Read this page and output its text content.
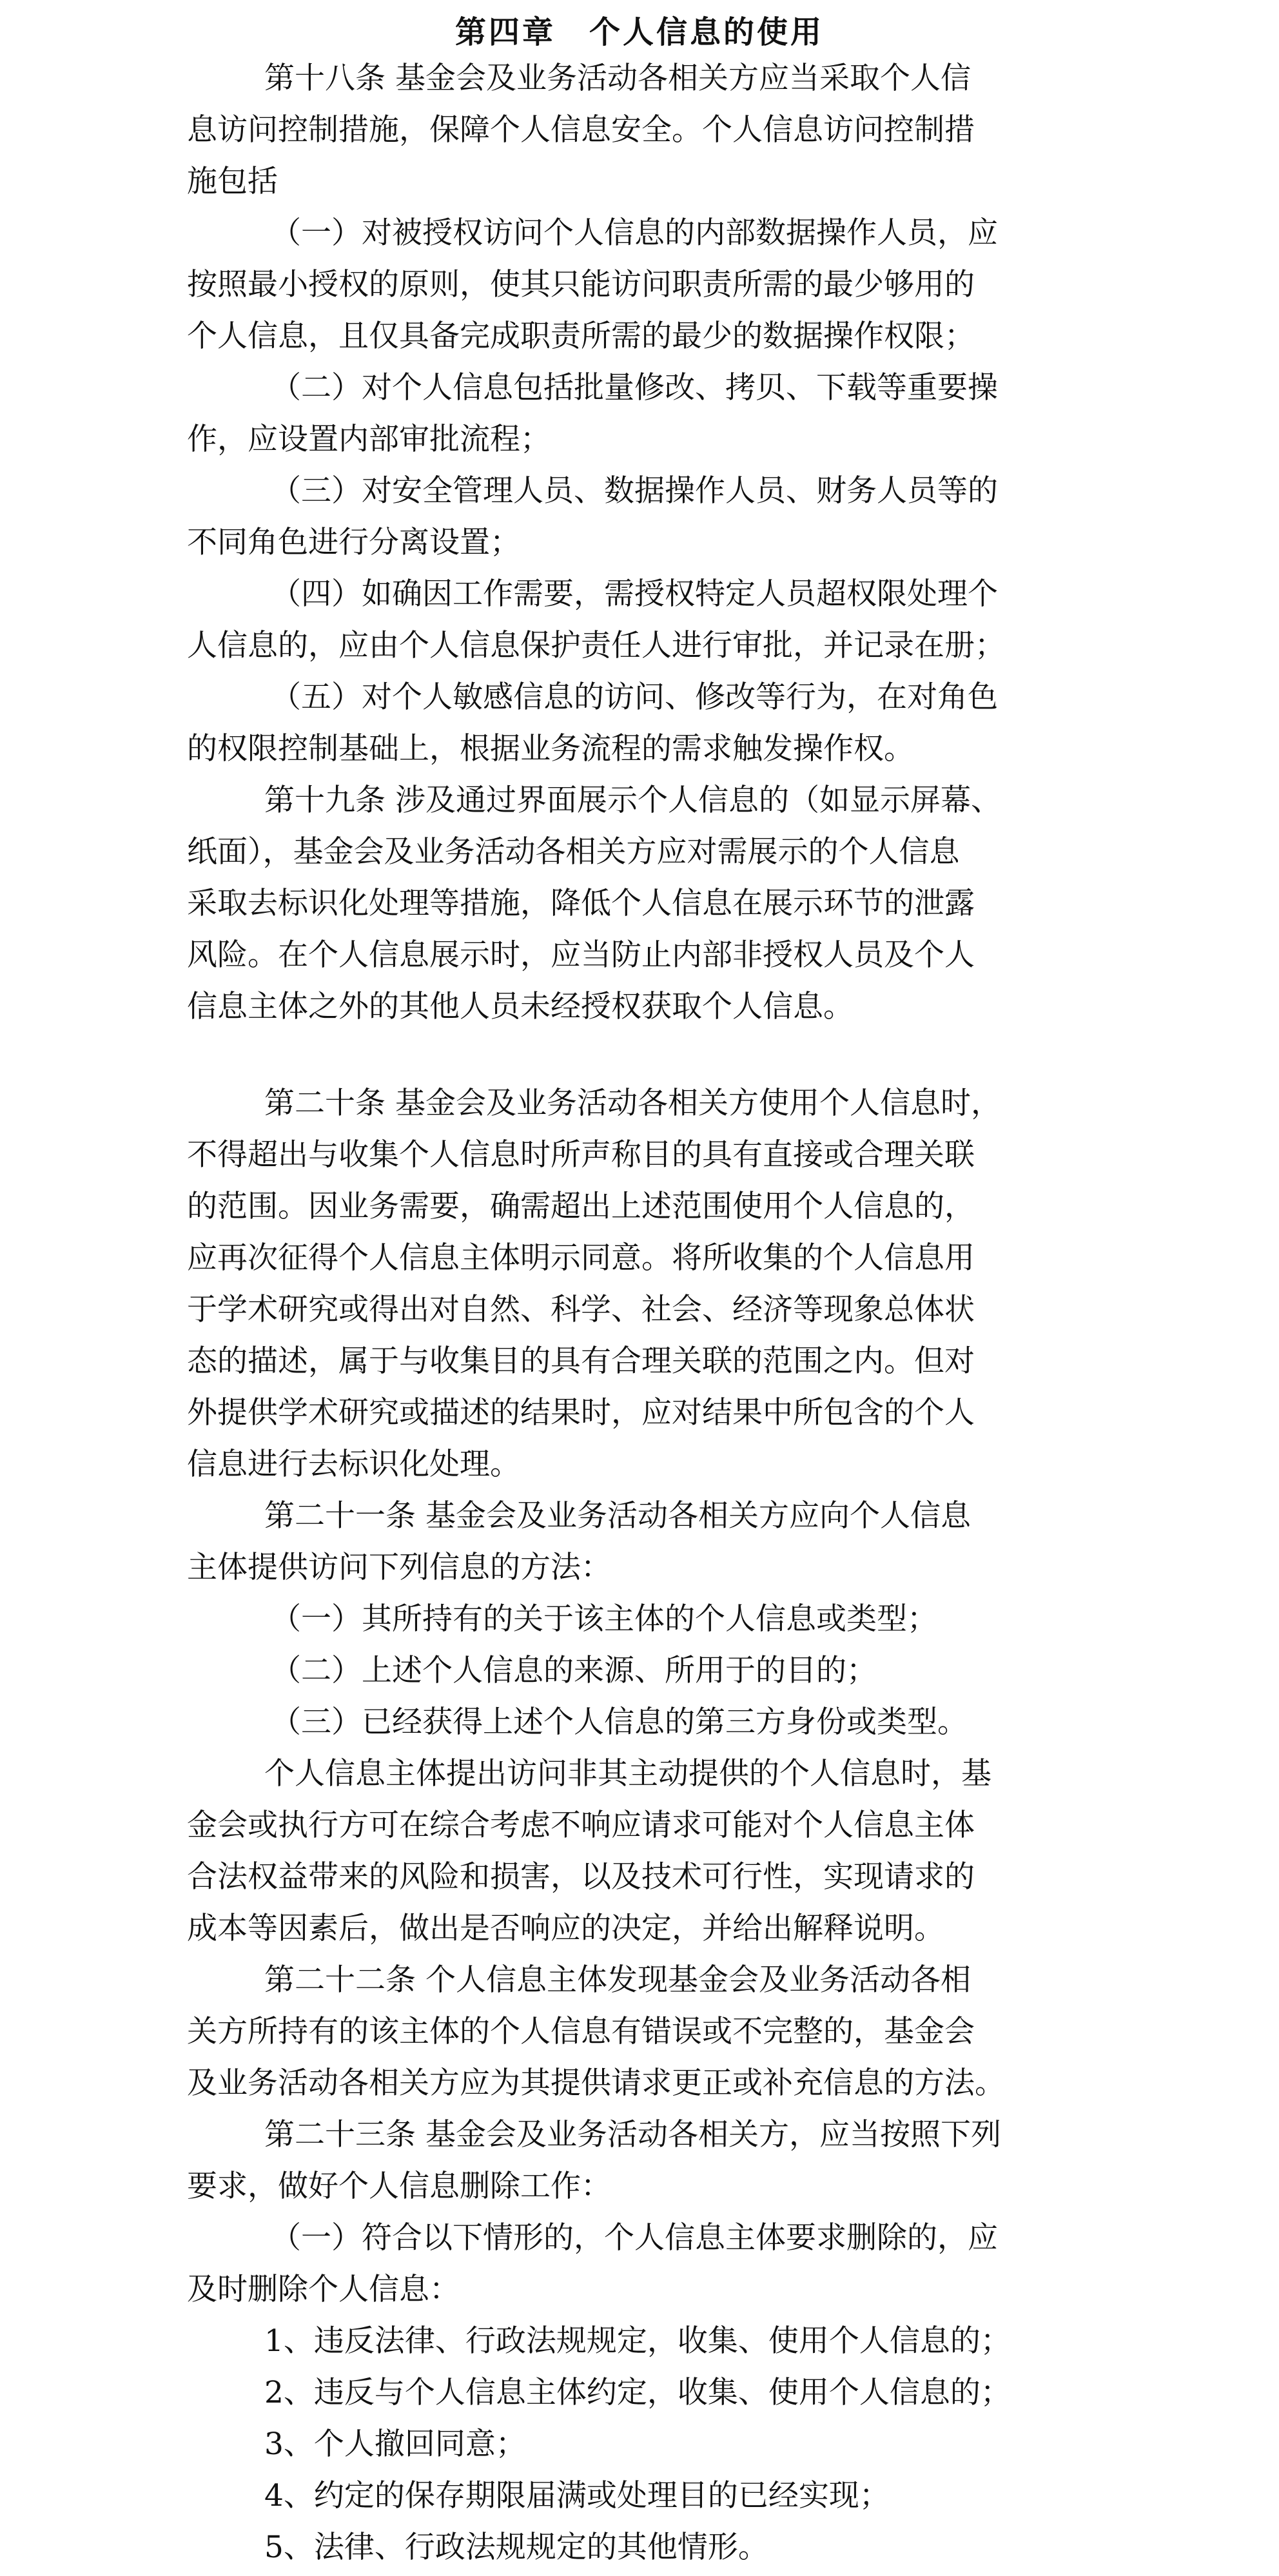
第四章　个人信息的使用
第十八条 基金会及业务活动各相关方应当采取个人信
息访问控制措施，保障个人信息安全。个人信息访问控制措
施包括
（一）对被授权访问个人信息的内部数据操作人员，应
按照最小授权的原则，使其只能访问职责所需的最少够用的
个人信息，且仅具备完成职责所需的最少的数据操作权限；
（二）对个人信息包括批量修改、拷贝、下载等重要操
作，应设置内部审批流程；
（三）对安全管理人员、数据操作人员、财务人员等的
不同角色进行分离设置；
（四）如确因工作需要，需授权特定人员超权限处理个
人信息的，应由个人信息保护责任人进行审批，并记录在册；
（五）对个人敏感信息的访问、修改等行为，在对角色
的权限控制基础上，根据业务流程的需求触发操作权。
第十九条 涉及通过界面展示个人信息的（如显示屏幕、
纸面），基金会及业务活动各相关方应对需展示的个人信息
采取去标识化处理等措施，降低个人信息在展示环节的泄露
风险。在个人信息展示时，应当防止内部非授权人员及个人
信息主体之外的其他人员未经授权获取个人信息。
第二十条 基金会及业务活动各相关方使用个人信息时，
不得超出与收集个人信息时所声称目的具有直接或合理关联
的范围。因业务需要，确需超出上述范围使用个人信息的，
应再次征得个人信息主体明示同意。将所收集的个人信息用
于学术研究或得出对自然、科学、社会、经济等现象总体状
态的描述，属于与收集目的具有合理关联的范围之内。但对
外提供学术研究或描述的结果时，应对结果中所包含的个人
信息进行去标识化处理。
第二十一条 基金会及业务活动各相关方应向个人信息
主体提供访问下列信息的方法：
（一）其所持有的关于该主体的个人信息或类型；
（二）上述个人信息的来源、所用于的目的；
（三）已经获得上述个人信息的第三方身份或类型。
个人信息主体提出访问非其主动提供的个人信息时，基
金会或执行方可在综合考虑不响应请求可能对个人信息主体
合法权益带来的风险和损害，以及技术可行性，实现请求的
成本等因素后，做出是否响应的决定，并给出解释说明。
第二十二条 个人信息主体发现基金会及业务活动各相
关方所持有的该主体的个人信息有错误或不完整的，基金会
及业务活动各相关方应为其提供请求更正或补充信息的方法。
第二十三条 基金会及业务活动各相关方，应当按照下列
要求，做好个人信息删除工作：
（一）符合以下情形的，个人信息主体要求删除的，应
及时删除个人信息：
1、违反法律、行政法规规定，收集、使用个人信息的；
2、违反与个人信息主体约定，收集、使用个人信息的；
3、个人撤回同意；
4、约定的保存期限届满或处理目的已经实现；
5、法律、行政法规规定的其他情形。
